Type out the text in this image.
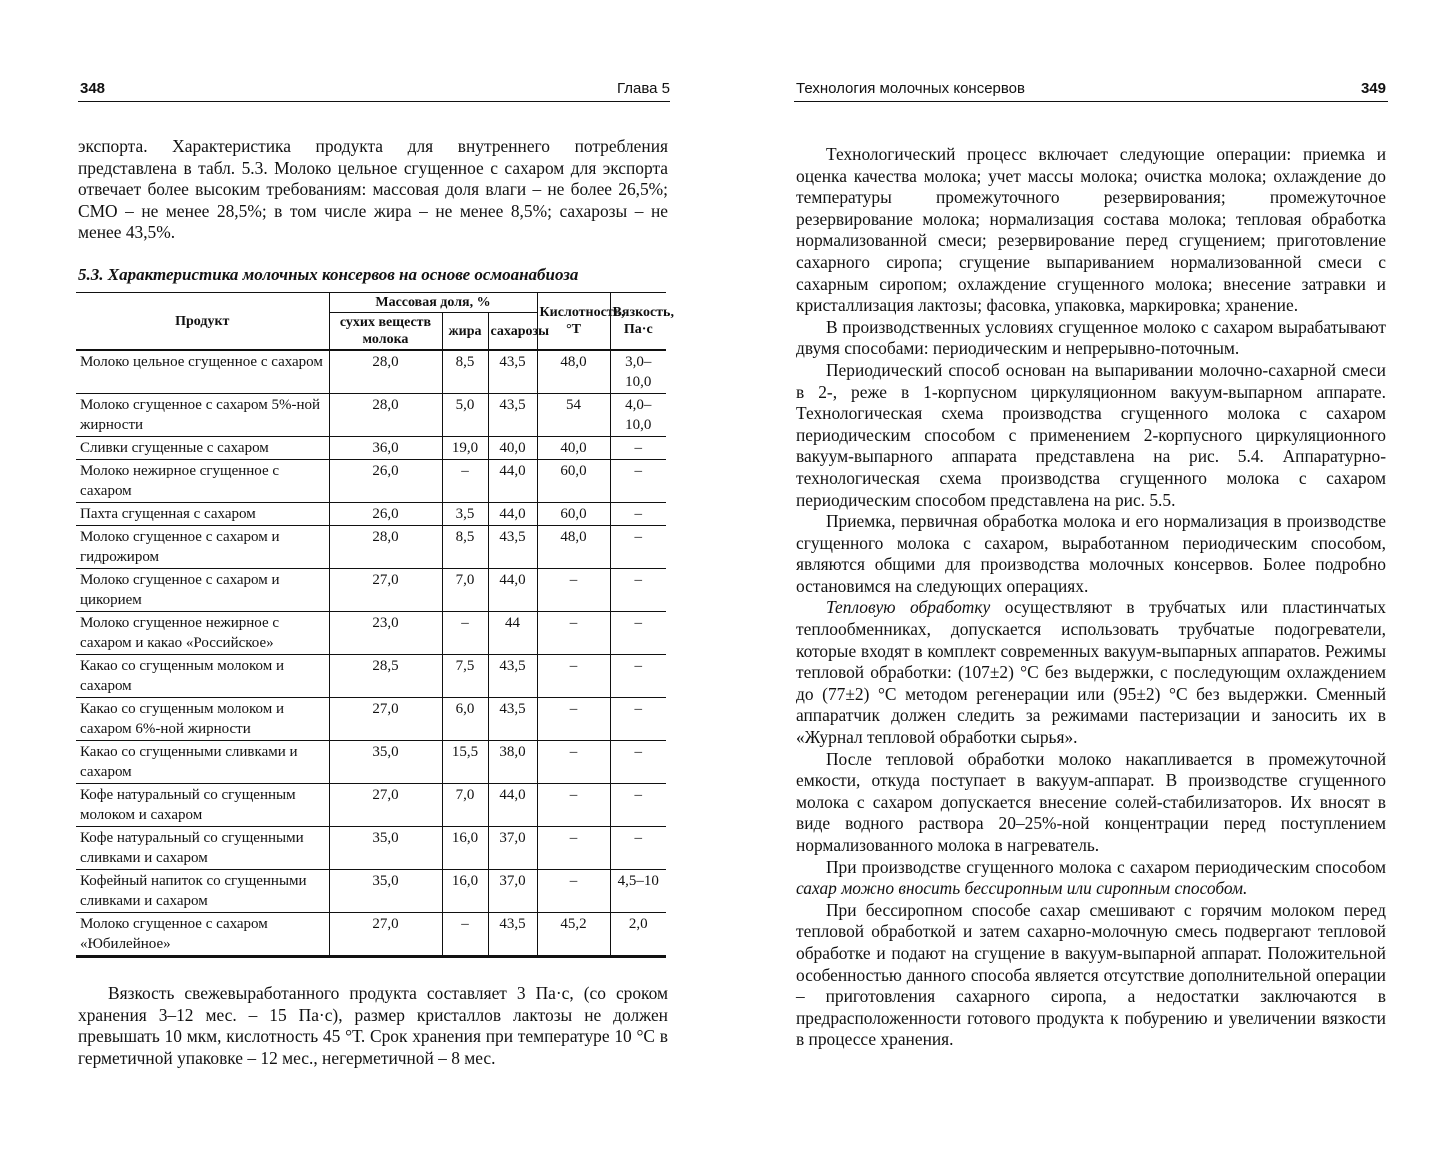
348	Глава 5

экспорта. Характеристика продукта для внутреннего потребления представлена в табл. 5.3. Молоко цельное сгущенное с сахаром для экспорта отвечает более высоким требованиям: массовая доля влаги – не более 26,5%; СМО – не менее 28,5%; в том числе жира – не менее 8,5%; сахарозы – не менее 43,5%.

5.3. Характеристика молочных консервов на основе осмоанабиоза

Продукт	Массовая доля, %			Кислотность, °Т	Вязкость, Па·с
	сухих веществ молока	жира	сахарозы		
Молоко цельное сгущенное с сахаром	28,0	8,5	43,5	48,0	3,0–10,0
Молоко сгущенное с сахаром 5%-ной жирности	28,0	5,0	43,5	54	4,0–10,0
Сливки сгущенные с сахаром	36,0	19,0	40,0	40,0	–
Молоко нежирное сгущенное с сахаром	26,0	–	44,0	60,0	–
Пахта сгущенная с сахаром	26,0	3,5	44,0	60,0	–
Молоко сгущенное с сахаром и гидрожиром	28,0	8,5	43,5	48,0	–
Молоко сгущенное с сахаром и цикорием	27,0	7,0	44,0	–	–
Молоко сгущенное нежирное с сахаром и какао «Российское»	23,0	–	44	–	–
Какао со сгущенным молоком и сахаром	28,5	7,5	43,5	–	–
Какао со сгущенным молоком и сахаром 6%-ной жирности	27,0	6,0	43,5	–	–
Какао со сгущенными сливками и сахаром	35,0	15,5	38,0	–	–
Кофе натуральный со сгущенным молоком и сахаром	27,0	7,0	44,0	–	–
Кофе натуральный со сгущенными сливками и сахаром	35,0	16,0	37,0	–	–
Кофейный напиток со сгущенными сливками и сахаром	35,0	16,0	37,0	–	4,5–10
Молоко сгущенное с сахаром «Юбилейное»	27,0	–	43,5	45,2	2,0

Вязкость свежевыработанного продукта составляет 3 Па·с, (со сроком хранения 3–12 мес. – 15 Па·с), размер кристаллов лактозы не должен превышать 10 мкм, кислотность 45 °Т. Срок хранения при температуре 10 °С в герметичной упаковке – 12 мес., негерметичной – 8 мес.

Технология молочных консервов	349

Технологический процесс включает следующие операции: приемка и оценка качества молока; учет массы молока; очистка молока; охлаждение до температуры промежуточного резервирования; промежуточное резервирование молока; нормализация состава молока; тепловая обработка нормализованной смеси; резервирование перед сгущением; приготовление сахарного сиропа; сгущение выпариванием нормализованной смеси с сахарным сиропом; охлаждение сгущенного молока; внесение затравки и кристаллизация лактозы; фасовка, упаковка, маркировка; хранение.

В производственных условиях сгущенное молоко с сахаром вырабатывают двумя способами: периодическим и непрерывно-поточным.

Периодический способ основан на выпаривании молочно-сахарной смеси в 2-, реже в 1-корпусном циркуляционном вакуум-выпарном аппарате. Технологическая схема производства сгущенного молока с сахаром периодическим способом с применением 2-корпусного циркуляционного вакуум-выпарного аппарата представлена на рис. 5.4. Аппаратурно-технологическая схема производства сгущенного молока с сахаром периодическим способом представлена на рис. 5.5.

Приемка, первичная обработка молока и его нормализация в производстве сгущенного молока с сахаром, выработанном периодическим способом, являются общими для производства молочных консервов. Более подробно остановимся на следующих операциях.

Тепловую обработку осуществляют в трубчатых или пластинчатых теплообменниках, допускается использовать трубчатые подогреватели, которые входят в комплект современных вакуум-выпарных аппаратов. Режимы тепловой обработки: (107±2) °С без выдержки, с последующим охлаждением до (77±2) °С методом регенерации или (95±2) °С без выдержки. Сменный аппаратчик должен следить за режимами пастеризации и заносить их в «Журнал тепловой обработки сырья».

После тепловой обработки молоко накапливается в промежуточной емкости, откуда поступает в вакуум-аппарат. В производстве сгущенного молока с сахаром допускается внесение солей-стабилизаторов. Их вносят в виде водного раствора 20–25%-ной концентрации перед поступлением нормализованного молока в нагреватель.

При производстве сгущенного молока с сахаром периодическим способом сахар можно вносить бессиропным или сиропным способом.

При бессиропном способе сахар смешивают с горячим молоком перед тепловой обработкой и затем сахарно-молочную смесь подвергают тепловой обработке и подают на сгущение в вакуум-выпарной аппарат. Положительной особенностью данного способа является отсутствие дополнительной операции – приготовления сахарного сиропа, а недостатки заключаются в предрасположенности готового продукта к побурению и увеличении вязкости в процессе хранения.
